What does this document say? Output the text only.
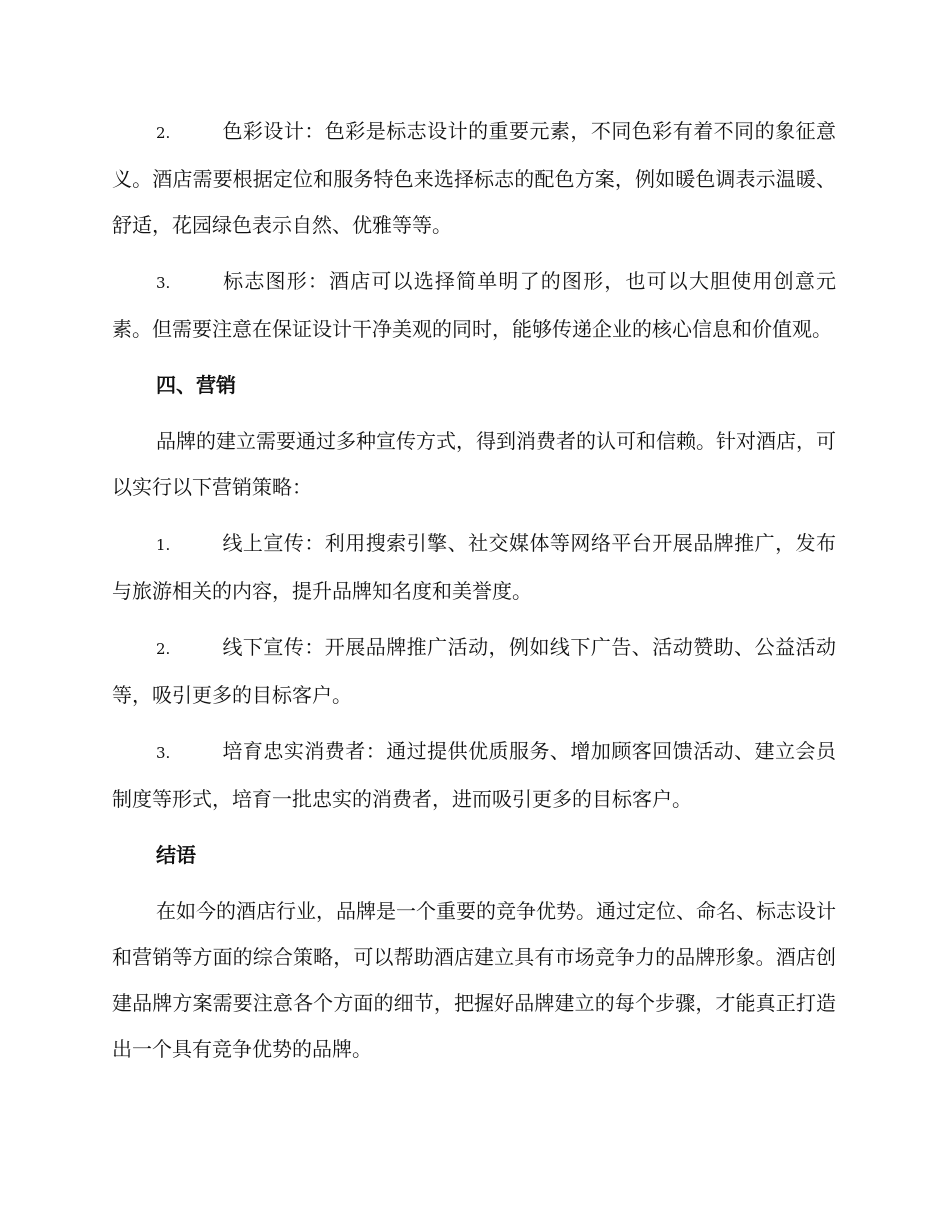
2.	色彩设计：色彩是标志设计的重要元素，不同色彩有着不同的象征意义。酒店需要根据定位和服务特色来选择标志的配色方案，例如暖色调表示温暖、舒适，花园绿色表示自然、优雅等等。

3.	标志图形：酒店可以选择简单明了的图形，也可以大胆使用创意元素。但需要注意在保证设计干净美观的同时，能够传递企业的核心信息和价值观。

四、营销

品牌的建立需要通过多种宣传方式，得到消费者的认可和信赖。针对酒店，可以实行以下营销策略：

1.	线上宣传：利用搜索引擎、社交媒体等网络平台开展品牌推广，发布与旅游相关的内容，提升品牌知名度和美誉度。

2.	线下宣传：开展品牌推广活动，例如线下广告、活动赞助、公益活动等，吸引更多的目标客户。

3.	培育忠实消费者：通过提供优质服务、增加顾客回馈活动、建立会员制度等形式，培育一批忠实的消费者，进而吸引更多的目标客户。

结语

在如今的酒店行业，品牌是一个重要的竞争优势。通过定位、命名、标志设计和营销等方面的综合策略，可以帮助酒店建立具有市场竞争力的品牌形象。酒店创建品牌方案需要注意各个方面的细节，把握好品牌建立的每个步骤，才能真正打造出一个具有竞争优势的品牌。
